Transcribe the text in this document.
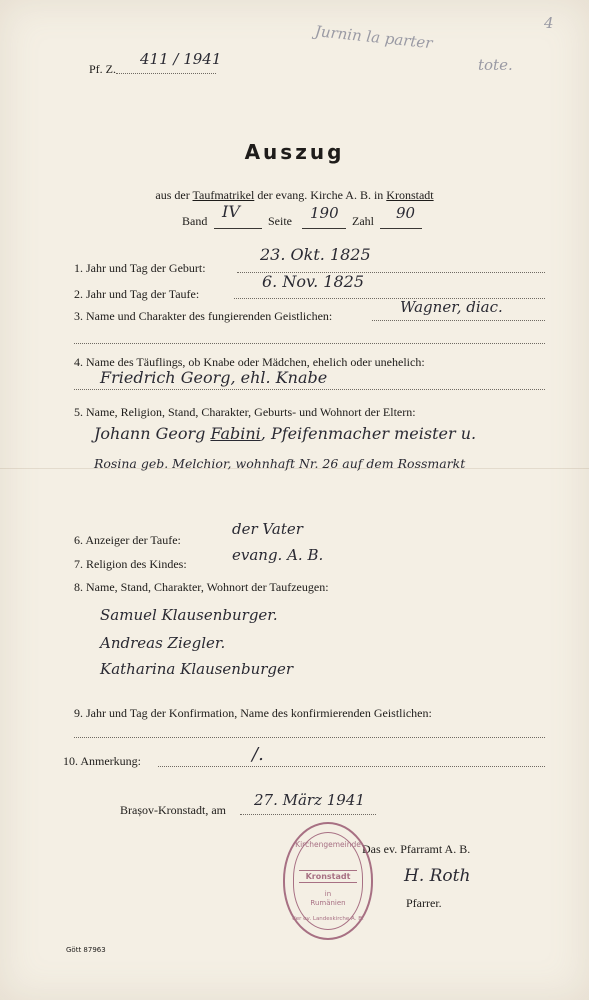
Pf. Z.
411 / 1941
Jurnin la parter
tote.
4
Auszug
aus der Taufmatrikel der evang. Kirche A. B. in Kronstadt
Band IV Seite 190 Zahl 90
1. Jahr und Tag der Geburt:
23. Okt. 1825
2. Jahr und Tag der Taufe:
6. Nov. 1825
3. Name und Charakter des fungierenden Geistlichen:	Wagner, diac.
4. Name des Täuflings, ob Knabe oder Mädchen, ehelich oder unehelich:
Friedrich Georg, ehl. Knabe
5. Name, Religion, Stand, Charakter, Geburts- und Wohnort der Eltern:
Johann Georg Fabini, Pfeifenmacher meister u.
Rosina geb. Melchior, wohnhaft Nr. 26 auf dem Rossmarkt
6. Anzeiger der Taufe:
der Vater
7. Religion des Kindes:	evang. A. B.
8. Name, Stand, Charakter, Wohnort der Taufzeugen:
Samuel Klausenburger.
Andreas Ziegler.
Katharina Klausenburger
9. Jahr und Tag der Konfirmation, Name des konfirmierenden Geistlichen:
10. Anmerkung:	/.
Brașov-Kronstadt, am
27. März 1941
Das ev. Pfarramt A. B.
H. Roth
Pfarrer.
Gött 87963
Kirchengemeinde
Kronstadt
in
Rumänien
der ev. Landeskirche A. B.
